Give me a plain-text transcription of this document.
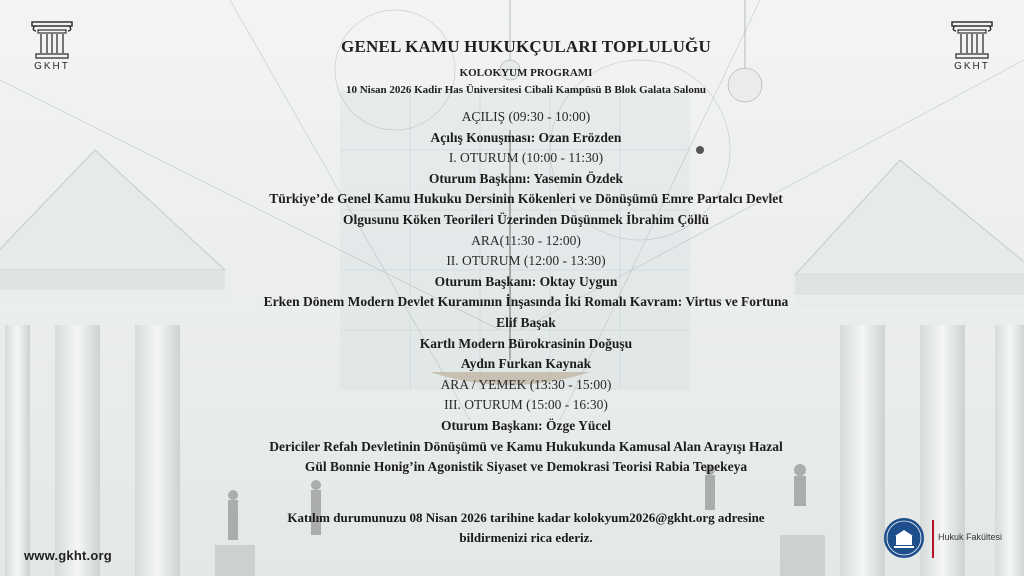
GKHT	GKHT
GENEL KAMU HUKUKÇULARI TOPLULUĞU
KOLOKYUM PROGRAMI
10 Nisan 2026 Kadir Has Üniversitesi Cibali Kampüsü B Blok Galata Salonu
AÇILIŞ (09:30 - 10:00)
Açılış Konuşması: Ozan Erözden
I. OTURUM (10:00 - 11:30)
Oturum Başkanı: Yasemin Özdek
Türkiye’de Genel Kamu Hukuku Dersinin Kökenleri ve Dönüşümü Emre Partalcı Devlet
Olgusunu Köken Teorileri Üzerinden Düşünmek İbrahim Çöllü
ARA(11:30 - 12:00)
II. OTURUM (12:00 - 13:30)
Oturum Başkanı: Oktay Uygun
Erken Dönem Modern Devlet Kuramının İnşasında İki Romalı Kavram: Virtus ve Fortuna
Elif Başak
Kartlı Modern Bürokrasinin Doğuşu
Aydın Furkan Kaynak
ARA / YEMEK (13:30 - 15:00)
III. OTURUM (15:00 - 16:30)
Oturum Başkanı: Özge Yücel
Dericiler Refah Devletinin Dönüşümü ve Kamu Hukukunda Kamusal Alan Arayışı Hazal
Gül Bonnie Honig’in Agonistik Siyaset ve Demokrasi Teorisi Rabia Tepekeya
Katılım durumunuzu 08 Nisan 2026 tarihine kadar kolokyum2026@gkht.org adresine
bildirmenizi rica ederiz.
www.gkht.org
Hukuk Fakültesi
